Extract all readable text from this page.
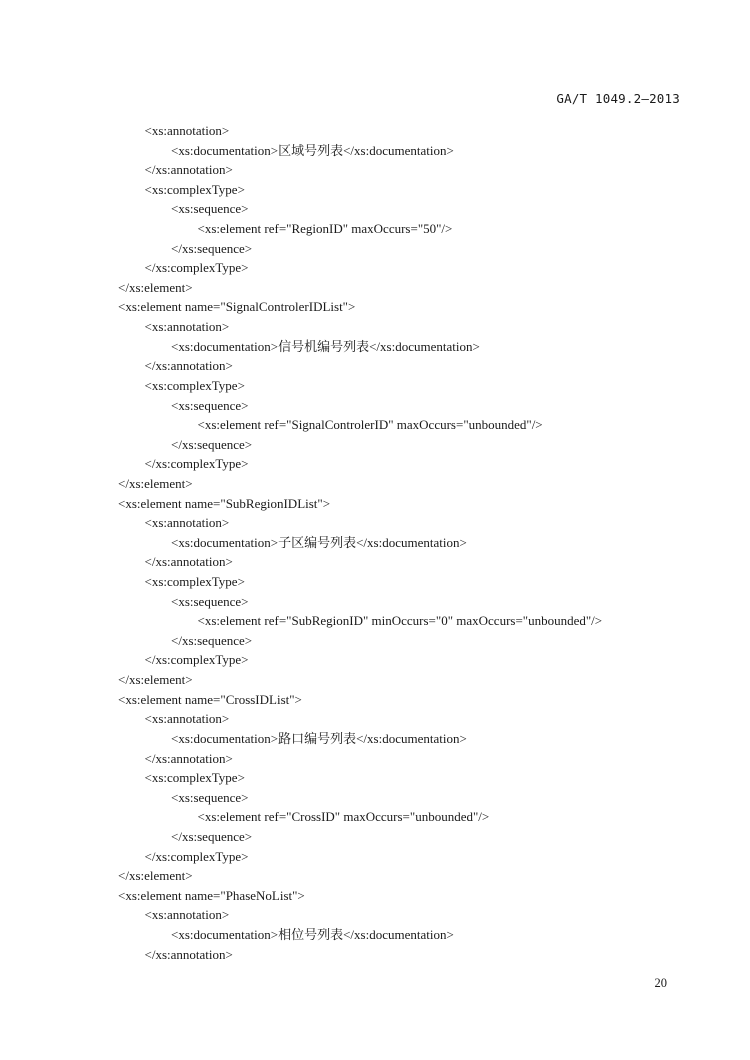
GA/T 1049.2—2013
<xs:annotation>
<xs:documentation>区域号列表</xs:documentation>
</xs:annotation>
<xs:complexType>
<xs:sequence>
<xs:element ref="RegionID" maxOccurs="50"/>
</xs:sequence>
</xs:complexType>
</xs:element>
<xs:element name="SignalControlerIDList">
<xs:annotation>
<xs:documentation>信号机编号列表</xs:documentation>
</xs:annotation>
<xs:complexType>
<xs:sequence>
<xs:element ref="SignalControlerID" maxOccurs="unbounded"/>
</xs:sequence>
</xs:complexType>
</xs:element>
<xs:element name="SubRegionIDList">
<xs:annotation>
<xs:documentation>子区编号列表</xs:documentation>
</xs:annotation>
<xs:complexType>
<xs:sequence>
<xs:element ref="SubRegionID" minOccurs="0" maxOccurs="unbounded"/>
</xs:sequence>
</xs:complexType>
</xs:element>
<xs:element name="CrossIDList">
<xs:annotation>
<xs:documentation>路口编号列表</xs:documentation>
</xs:annotation>
<xs:complexType>
<xs:sequence>
<xs:element ref="CrossID" maxOccurs="unbounded"/>
</xs:sequence>
</xs:complexType>
</xs:element>
<xs:element name="PhaseNoList">
<xs:annotation>
<xs:documentation>相位号列表</xs:documentation>
</xs:annotation>
20
